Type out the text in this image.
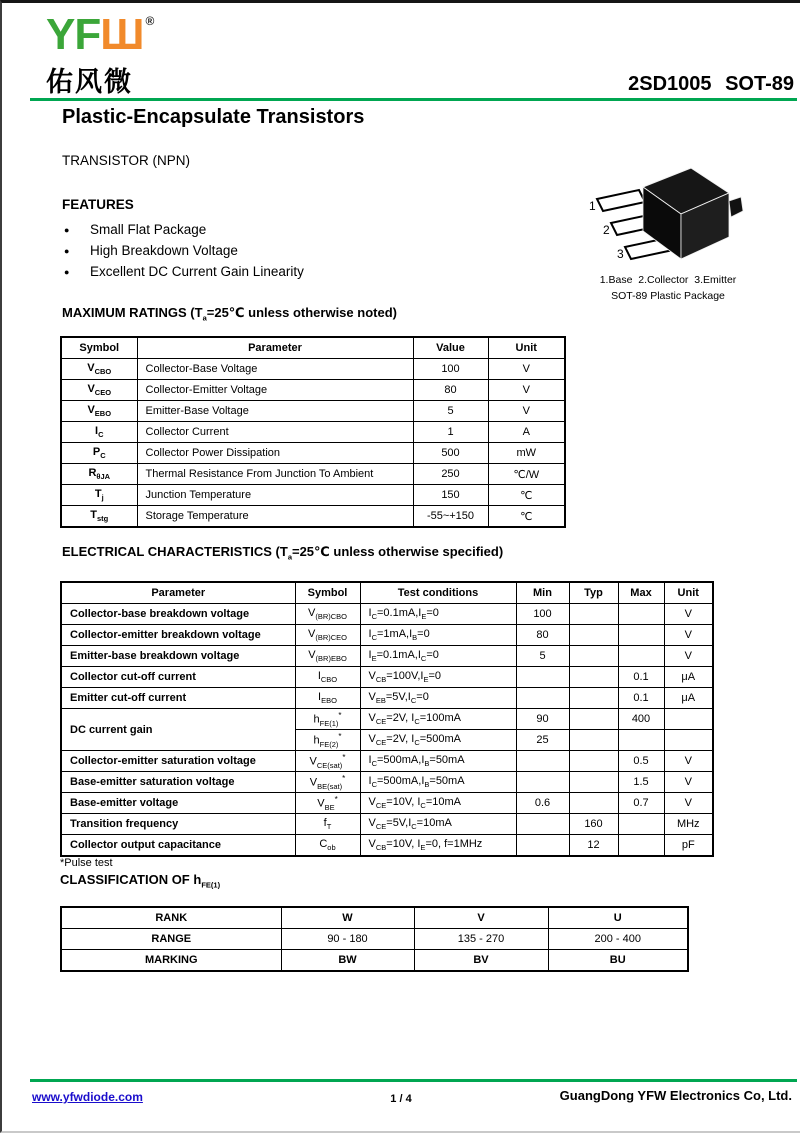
YFШ ®
佑风微	2SD1005 SOT-89
Plastic-Encapsulate Transistors
TRANSISTOR (NPN)
FEATURES
●	Small Flat Package
●	High Breakdown Voltage
●	Excellent DC Current Gain Linearity
1
2
3
1.Base  2.Collector  3.Emitter
SOT-89 Plastic Package
MAXIMUM RATINGS ($T_a=25℃$ unless otherwise noted)
Symbol	Parameter	Value	Unit
$V_{CBO}$	Collector-Base Voltage	100	V
$V_{CEO}$	Collector-Emitter Voltage	80	V
$V_{EBO}$	Emitter-Base Voltage	5	V
$I_C$	Collector Current	1	A
$P_C$	Collector Power Dissipation	500	mW
$R_{\theta JA}$	Thermal Resistance From Junction To Ambient	250	℃/W
$T_j$	Junction Temperature	150	℃
$T_{stg}$	Storage Temperature	-55~+150	℃
ELECTRICAL CHARACTERISTICS ($T_a=25℃$ unless otherwise specified)
Parameter	Symbol	Test conditions	Min	Typ	Max	Unit
Collector-base breakdown voltage	$V_{(BR)CBO}$	$I_C=0.1mA,I_E=0$	100			V
Collector-emitter breakdown voltage	$V_{(BR)CEO}$	$I_C=1mA,I_B=0$	80			V
Emitter-base breakdown voltage	$V_{(BR)EBO}$	$I_E=0.1mA,I_C=0$	5			V
Collector cut-off current	$I_{CBO}$	$V_{CB}=100V,I_E=0$			0.1	μA
Emitter cut-off current	$I_{EBO}$	$V_{EB}=5V,I_C=0$			0.1	μA
DC current gain	$h_{FE(1)}^*$	$V_{CE}=2V$, $I_C=100mA$	90		400	
	$h_{FE(2)}^*$	$V_{CE}=2V$, $I_C=500mA$	25			
Collector-emitter saturation voltage	$V_{CE(sat)}^*$	$I_C=500mA,I_B=50mA$			0.5	V
Base-emitter saturation voltage	$V_{BE(sat)}^*$	$I_C=500mA,I_B=50mA$			1.5	V
Base-emitter voltage	$V_{BE}^*$	$V_{CE}=10V$, $I_C=10mA$	0.6		0.7	V
Transition frequency	$f_T$	$V_{CE}=5V,I_C=10mA$		160		MHz
Collector output capacitance	$C_{ob}$	$V_{CB}=10V$, $I_E=0$, f=1MHz		12		pF
*Pulse test
CLASSIFICATION OF $h_{FE(1)}$
RANK	W	V	U
RANGE	90 - 180	135 - 270	200 - 400
MARKING	BW	BV	BU
www.yfwdiode.com	1 / 4	GuangDong YFW Electronics Co, Ltd.
